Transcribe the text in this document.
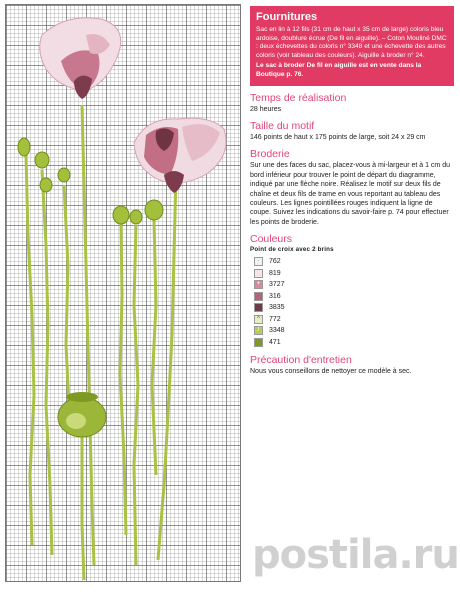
Fournitures

Sac en lin à 12 fils (31 cm de haut x 35 cm de large) coloris bleu ardoise, doublure écrue (De fil en aiguille). – Coton Mouliné DMC : deux échevettes du coloris n° 3348 et une échevette des autres coloris (voir tableau des couleurs). Aiguille à broder n° 24.

Le sac à broder De fil en aiguille est en vente dans la Boutique p. 76.

Temps de réalisation

28 heures

Taille du motif

146 points de haut x 175 points de large, soit 24 x 29 cm

Broderie

Sur une des faces du sac, placez-vous à mi-largeur et à 1 cm du bord inférieur pour trouver le point de départ du diagramme, indiqué par une flèche noire. Réalisez le motif sur deux fils de chaîne et deux fils de trame en vous reportant au tableau des couleurs. Les lignes pointillées rouges indiquent la ligne de coupe. Suivez les indications du savoir-faire p. 74 pour effectuer les points de broderie.

Couleurs
Point de croix avec 2 brins
·	762
819
+	3727
316
3835
^	772
/	3348
471
Précaution d'entretien

Nous vous conseillons de nettoyer ce modèle à sec.

postila.ru
